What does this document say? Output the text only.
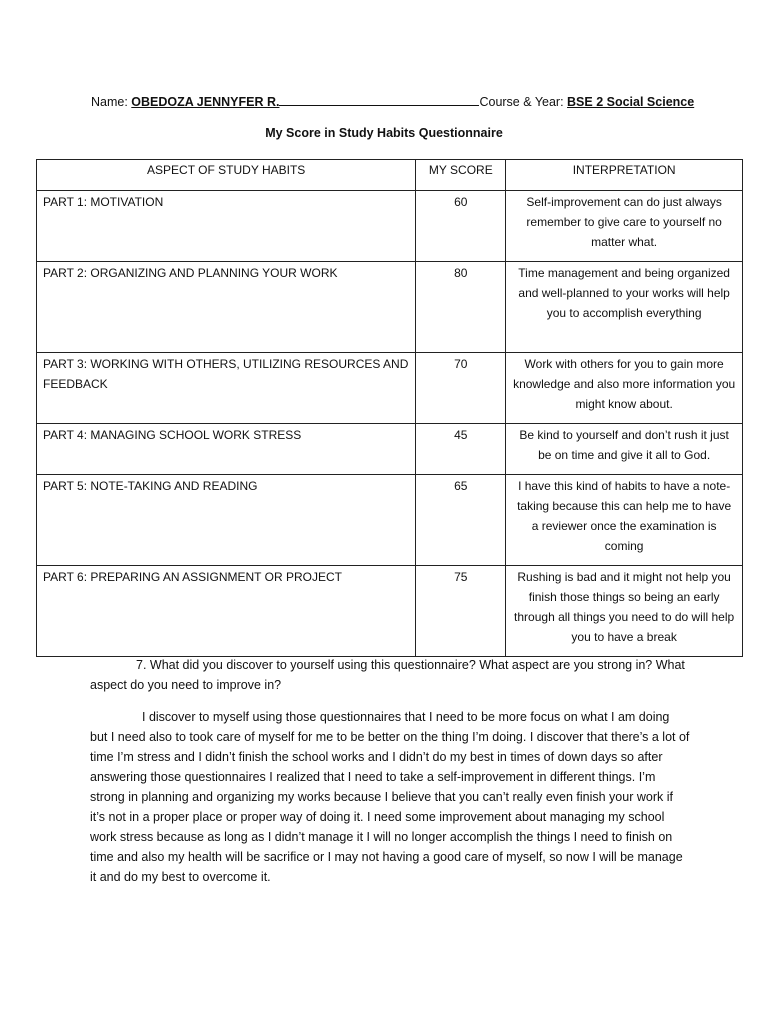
Name: OBEDOZA JENNYFER R.	Course & Year: BSE 2 Social Science
My Score in Study Habits Questionnaire
ASPECT OF STUDY HABITS	MY SCORE	INTERPRETATION
PART 1: MOTIVATION	60	Self-improvement can do just always remember to give care to yourself no matter what.
PART 2: ORGANIZING AND PLANNING YOUR WORK	80	Time management and being organized and well-planned to your works will help you to accomplish everything
PART 3: WORKING WITH OTHERS, UTILIZING RESOURCES AND FEEDBACK	70	Work with others for you to gain more knowledge and also more information you might know about.
PART 4: MANAGING SCHOOL WORK STRESS	45	Be kind to yourself and don’t rush it just be on time and give it all to God.
PART 5: NOTE-TAKING AND READING	65	I have this kind of habits to have a note-taking because this can help me to have a reviewer once the examination is coming
PART 6: PREPARING AN ASSIGNMENT OR PROJECT	75	Rushing is bad and it might not help you finish those things so being an early through all things you need to do will help you to have a break
7. What did you discover to yourself using this questionnaire? What aspect are you strong in? What aspect do you need to improve in?
I discover to myself using those questionnaires that I need to be more focus on what I am doing but I need also to took care of myself for me to be better on the thing I’m doing. I discover that there’s a lot of time I’m stress and I didn’t finish the school works and I didn’t do my best in times of down days so after answering those questionnaires I realized that I need to take a self-improvement in different things. I’m strong in planning and organizing my works because I believe that you can’t really even finish your work if it’s not in a proper place or proper way of doing it. I need some improvement about managing my school work stress because as long as I didn’t manage it I will no longer accomplish the things I need to finish on time and also my health will be sacrifice or I may not having a good care of myself, so now I will be manage it and do my best to overcome it.
